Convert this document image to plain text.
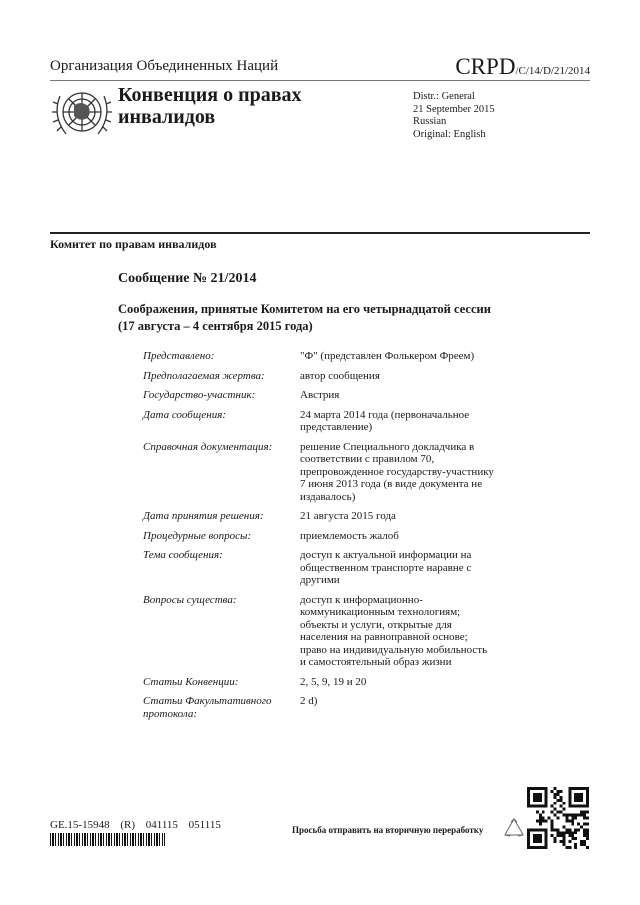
Организация Объединенных Наций	CRPD/C/14/D/21/2014
Конвенция о правах
инвалидов
Distr.: General
21 September 2015
Russian
Original: English
Комитет по правам инвалидов
Сообщение № 21/2014
Соображения, принятые Комитетом на его четырнадцатой сессии (17 августа – 4 сентября 2015 года)
Представлено:	"Ф" (представлен Фолькером Фреем)
Предполагаемая жертва:	автор сообщения
Государство-участник:	Австрия
Дата сообщения:	24 марта 2014 года (первоначальное
представление)
Справочная документация:	решение Специального докладчика в
соответствии с правилом 70,
препровожденное государству-участнику
7 июня 2013 года (в виде документа не
издавалось)
Дата принятия решения:	21 августа 2015 года
Процедурные вопросы:	приемлемость жалоб
Тема сообщения:	доступ к актуальной информации на
общественном транспорте наравне с
другими
Вопросы существа:	доступ к информационно-
коммуникационным технологиям;
объекты и услуги, открытые для
населения на равноправной основе;
право на индивидуальную мобильность
и самостоятельный образ жизни
Статьи Конвенции:	2, 5, 9, 19 и 20
Статьи Факультативного протокола:
2 d)
GE.15-15948 (R) 041115 051115	Просьба отправить на вторичную переработку
